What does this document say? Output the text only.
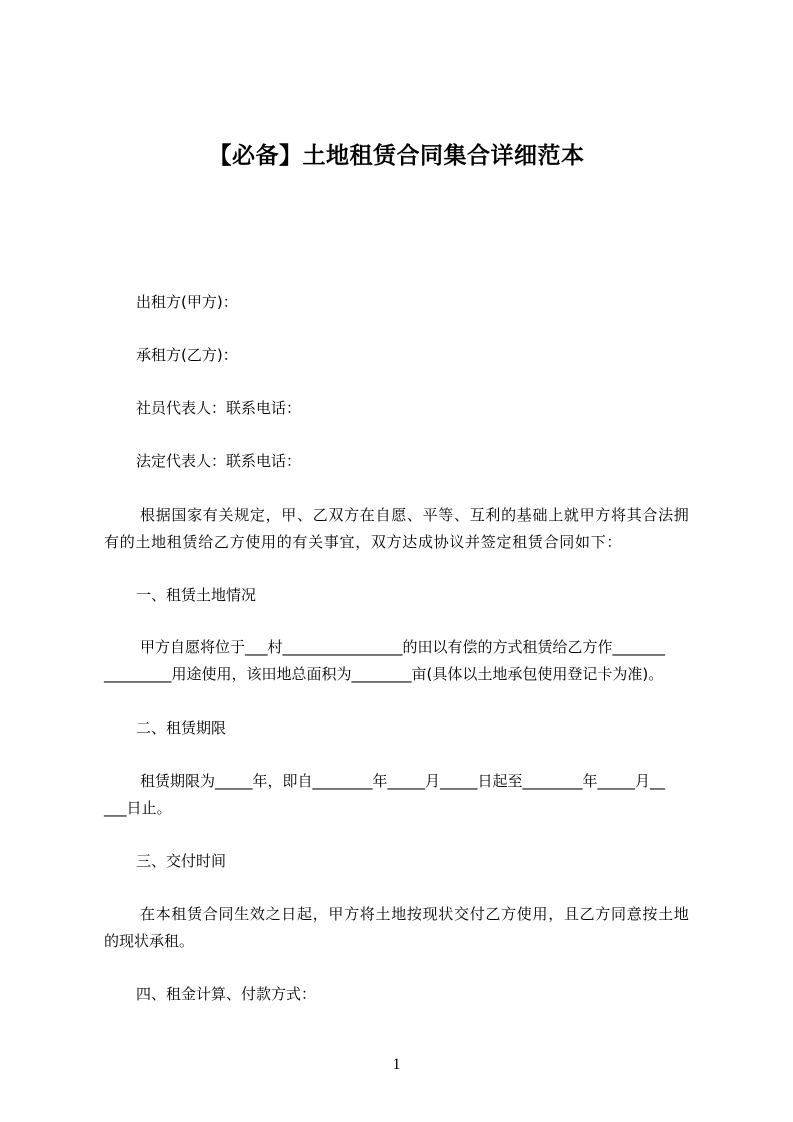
【必备】土地租赁合同集合详细范本
出租方(甲方)：
承租方(乙方)：
社员代表人：联系电话：
法定代表人：联系电话：
根据国家有关规定，甲、乙双方在自愿、平等、互利的基础上就甲方将其合法拥
有的土地租赁给乙方使用的有关事宜，双方达成协议并签定租赁合同如下：
一、租赁土地情况
甲方自愿将位于___村________________的田以有偿的方式租赁给乙方作_______
_________用途使用，该田地总面积为________亩(具体以土地承包使用登记卡为准)。
二、租赁期限
租赁期限为_____年，即自________年_____月_____日起至________年_____月__
___日止。
三、交付时间
在本租赁合同生效之日起，甲方将土地按现状交付乙方使用，且乙方同意按土地
的现状承租。
四、租金计算、付款方式：
1
